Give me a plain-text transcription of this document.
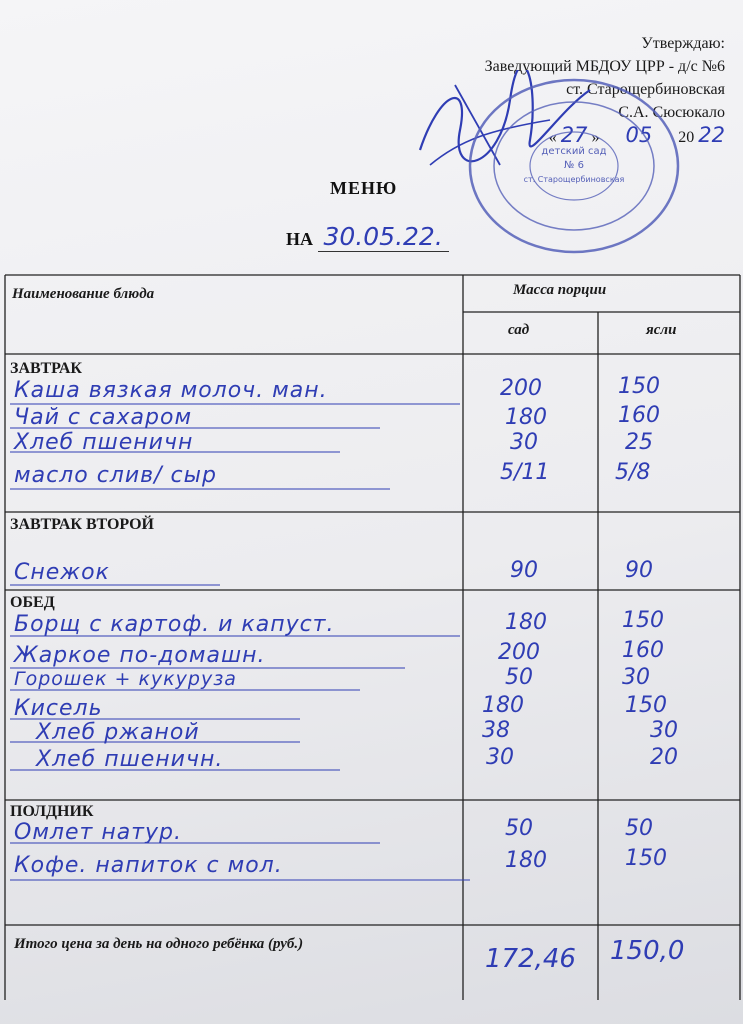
Утверждаю:
Заведующий МБДОУ ЦРР - д/с №6
ст. Старощербиновская
С.А. Сюсюкало
« 27 » 05 20 22
детский сад
№ 6
ст. Старощербиновская
МЕНЮ
НА 30.05.22.
Наименование блюда	Масса порции
сад	ясли
ЗАВТРАК
ЗАВТРАК ВТОРОЙ
ОБЕД
ПОЛДНИК
Каша вязкая молоч. ман.	200	150
Чай с сахаром	180	160
Хлеб пшеничн	30	25
масло слив/ сыр	5/11	5/8
Снежок	90	90
Борщ с картоф. и капуст.	180	150
Жаркое по-домашн.	200	160
Горошек + кукуруза	50	30
Кисель	180	150
Хлеб ржаной	38	30
Хлеб пшеничн.	30	20
Омлет натур.	50	50
Кофе. напиток с мол.	180	150
Итого цена за день на одного ребёнка (руб.)	172,46 150,0
